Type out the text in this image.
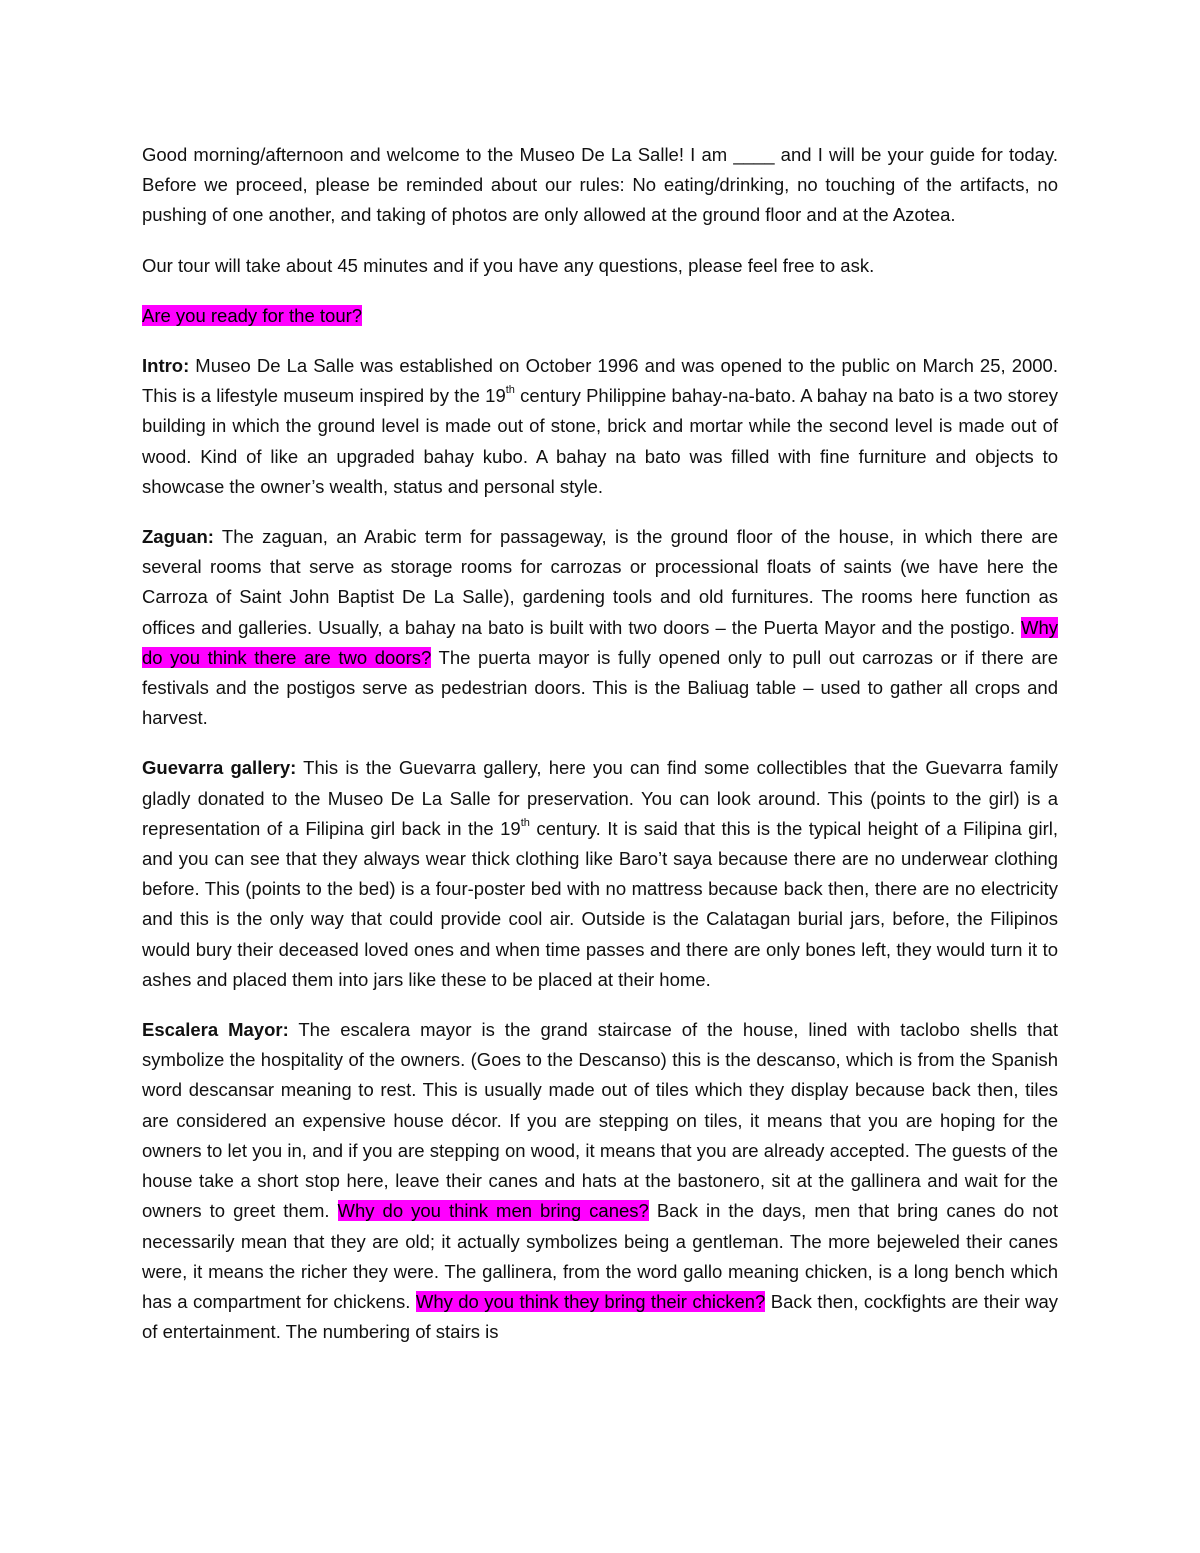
Good morning/afternoon and welcome to the Museo De La Salle! I am ____ and I will be your guide for today. Before we proceed, please be reminded about our rules: No eating/drinking, no touching of the artifacts, no pushing of one another, and taking of photos are only allowed at the ground floor and at the Azotea.

Our tour will take about 45 minutes and if you have any questions, please feel free to ask.

Are you ready for the tour?

Intro: Museo De La Salle was established on October 1996 and was opened to the public on March 25, 2000. This is a lifestyle museum inspired by the 19th century Philippine bahay-na-bato. A bahay na bato is a two storey building in which the ground level is made out of stone, brick and mortar while the second level is made out of wood. Kind of like an upgraded bahay kubo. A bahay na bato was filled with fine furniture and objects to showcase the owner’s wealth, status and personal style.

Zaguan: The zaguan, an Arabic term for passageway, is the ground floor of the house, in which there are several rooms that serve as storage rooms for carrozas or processional floats of saints (we have here the Carroza of Saint John Baptist De La Salle), gardening tools and old furnitures. The rooms here function as offices and galleries. Usually, a bahay na bato is built with two doors – the Puerta Mayor and the postigo. Why do you think there are two doors? The puerta mayor is fully opened only to pull out carrozas or if there are festivals and the postigos serve as pedestrian doors. This is the Baliuag table – used to gather all crops and harvest.

Guevarra gallery: This is the Guevarra gallery, here you can find some collectibles that the Guevarra family gladly donated to the Museo De La Salle for preservation. You can look around. This (points to the girl) is a representation of a Filipina girl back in the 19th century. It is said that this is the typical height of a Filipina girl, and you can see that they always wear thick clothing like Baro’t saya because there are no underwear clothing before. This (points to the bed) is a four-poster bed with no mattress because back then, there are no electricity and this is the only way that could provide cool air. Outside is the Calatagan burial jars, before, the Filipinos would bury their deceased loved ones and when time passes and there are only bones left, they would turn it to ashes and placed them into jars like these to be placed at their home.

Escalera Mayor: The escalera mayor is the grand staircase of the house, lined with taclobo shells that symbolize the hospitality of the owners. (Goes to the Descanso) this is the descanso, which is from the Spanish word descansar meaning to rest. This is usually made out of tiles which they display because back then, tiles are considered an expensive house décor. If you are stepping on tiles, it means that you are hoping for the owners to let you in, and if you are stepping on wood, it means that you are already accepted. The guests of the house take a short stop here, leave their canes and hats at the bastonero, sit at the gallinera and wait for the owners to greet them. Why do you think men bring canes? Back in the days, men that bring canes do not necessarily mean that they are old; it actually symbolizes being a gentleman. The more bejeweled their canes were, it means the richer they were. The gallinera, from the word gallo meaning chicken, is a long bench which has a compartment for chickens. Why do you think they bring their chicken? Back then, cockfights are their way of entertainment. The numbering of stairs is
